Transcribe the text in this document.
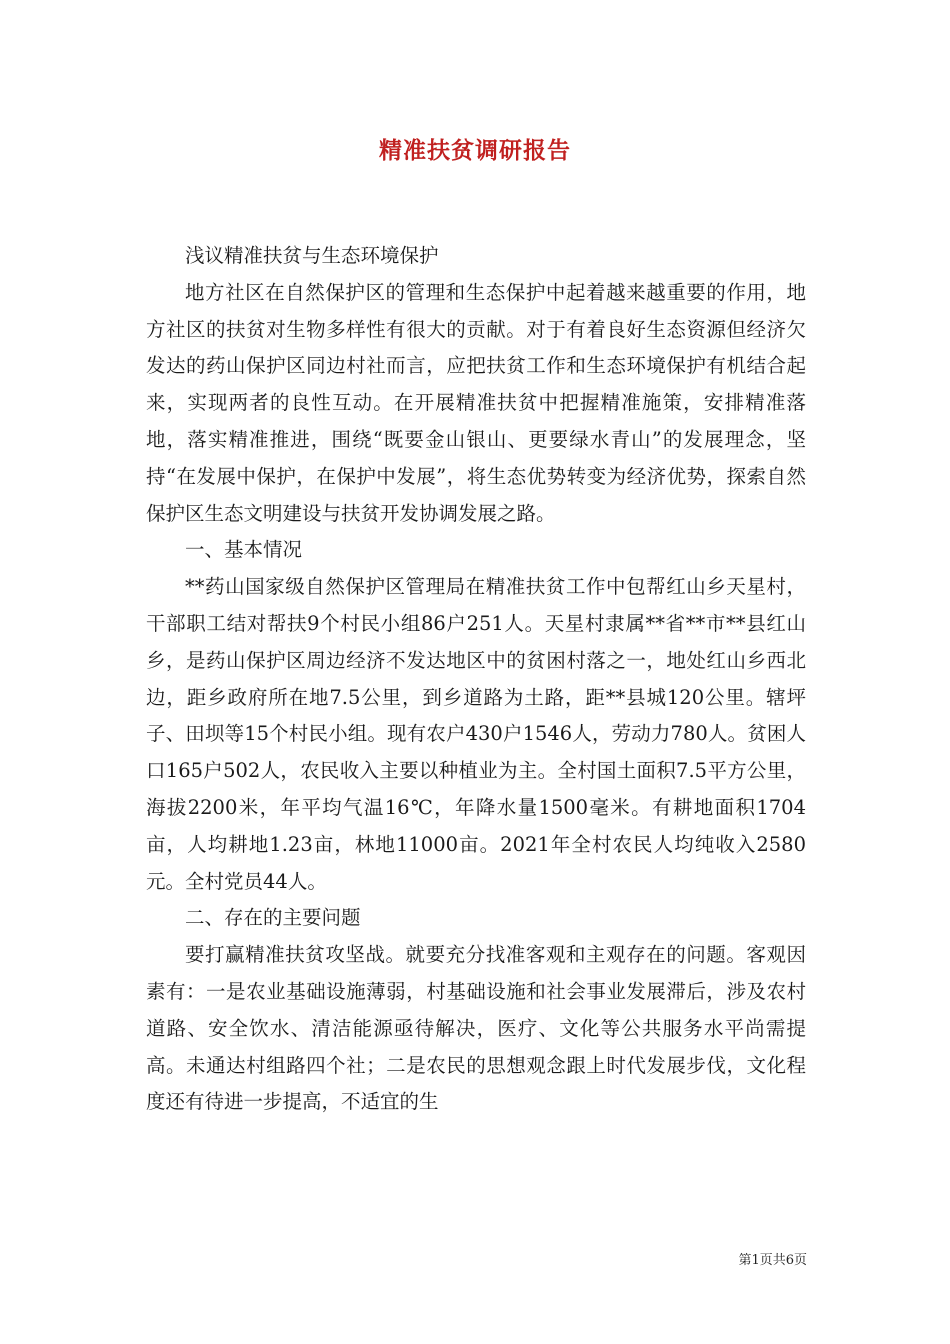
精准扶贫调研报告

浅议精准扶贫与生态环境保护

地方社区在自然保护区的管理和生态保护中起着越来越重要的作用，地方社区的扶贫对生物多样性有很大的贡献。对于有着良好生态资源但经济欠发达的药山保护区同边村社而言，应把扶贫工作和生态环境保护有机结合起来，实现两者的良性互动。在开展精准扶贫中把握精准施策，安排精准落地，落实精准推进，围绕“既要金山银山、更要绿水青山”的发展理念，坚持“在发展中保护，在保护中发展”，将生态优势转变为经济优势，探索自然保护区生态文明建设与扶贫开发协调发展之路。

一、基本情况

**药山国家级自然保护区管理局在精准扶贫工作中包帮红山乡天星村，干部职工结对帮扶9个村民小组86户251人。天星村隶属**省**市**县红山乡，是药山保护区周边经济不发达地区中的贫困村落之一，地处红山乡西北边，距乡政府所在地7.5公里，到乡道路为土路，距**县城120公里。辖坪子、田坝等15个村民小组。现有农户430户1546人，劳动力780人。贫困人口165户502人，农民收入主要以种植业为主。全村国土面积7.5平方公里，海拔2200米，年平均气温16℃，年降水量1500毫米。有耕地面积1704亩，人均耕地1.23亩，林地11000亩。2021年全村农民人均纯收入2580元。全村党员44人。

二、存在的主要问题

要打赢精准扶贫攻坚战。就要充分找准客观和主观存在的问题。客观因素有：一是农业基础设施薄弱，村基础设施和社会事业发展滞后，涉及农村道路、安全饮水、清洁能源亟待解决，医疗、文化等公共服务水平尚需提高。未通达村组路四个社；二是农民的思想观念跟上时代发展步伐，文化程度还有待进一步提高，不适宜的生

第1页共6页
